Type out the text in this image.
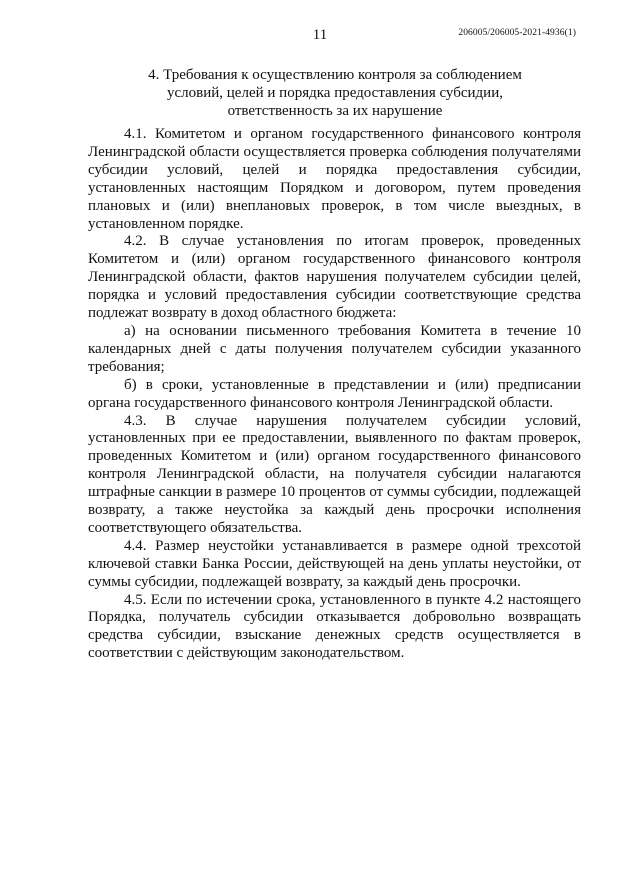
11	206005/206005-2021-4936(1)
4. Требования к осуществлению контроля за соблюдением
условий, целей и порядка предоставления субсидии,
ответственность за их нарушение

4.1. Комитетом и органом государственного финансового контроля Ленинградской области осуществляется проверка соблюдения получателями субсидии условий, целей и порядка предоставления субсидии, установленных настоящим Порядком и договором, путем проведения плановых и (или) внеплановых проверок, в том числе выездных, в установленном порядке.

4.2. В случае установления по итогам проверок, проведенных Комитетом и (или) органом государственного финансового контроля Ленинградской области, фактов нарушения получателем субсидии целей, порядка и условий предоставления субсидии соответствующие средства подлежат возврату в доход областного бюджета:

а) на основании письменного требования Комитета в течение 10 календарных дней с даты получения получателем субсидии указанного требования;

б) в сроки, установленные в представлении и (или) предписании органа государственного финансового контроля Ленинградской области.

4.3. В случае нарушения получателем субсидии условий, установленных при ее предоставлении, выявленного по фактам проверок, проведенных Комитетом и (или) органом государственного финансового контроля Ленинградской области, на получателя субсидии налагаются штрафные санкции в размере 10 процентов от суммы субсидии, подлежащей возврату, а также неустойка за каждый день просрочки исполнения соответствующего обязательства.

4.4. Размер неустойки устанавливается в размере одной трехсотой ключевой ставки Банка России, действующей на день уплаты неустойки, от суммы субсидии, подлежащей возврату, за каждый день просрочки.

4.5. Если по истечении срока, установленного в пункте 4.2 настоящего Порядка, получатель субсидии отказывается добровольно возвращать средства субсидии, взыскание денежных средств осуществляется в соответствии с действующим законодательством.
